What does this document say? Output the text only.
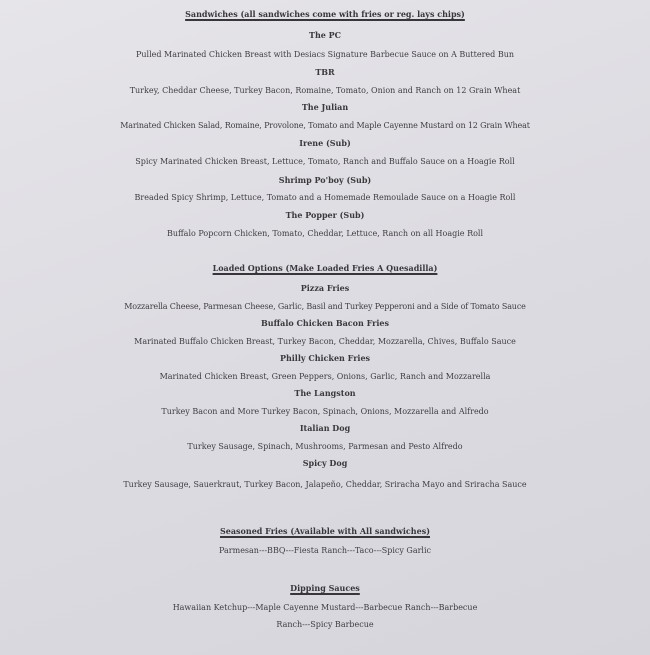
Sandwiches (all sandwiches come with fries or reg. lays chips)
The PC
Pulled Marinated Chicken Breast with Desiacs Signature Barbecue Sauce on A Buttered Bun
TBR
Turkey, Cheddar Cheese, Turkey Bacon, Romaine, Tomato, Onion and Ranch on 12 Grain Wheat
The Julian
Marinated Chicken Salad, Romaine, Provolone, Tomato and Maple Cayenne Mustard on 12 Grain Wheat
Irene (Sub)
Spicy Marinated Chicken Breast, Lettuce, Tomato, Ranch and Buffalo Sauce on a Hoagie Roll
Shrimp Po'boy (Sub)
Breaded Spicy Shrimp, Lettuce, Tomato and a Homemade Remoulade Sauce on a Hoagie Roll
The Popper (Sub)
Buffalo Popcorn Chicken, Tomato, Cheddar, Lettuce, Ranch on all Hoagie Roll
Loaded Options (Make Loaded Fries A Quesadilla)
Pizza Fries
Mozzarella Cheese, Parmesan Cheese, Garlic, Basil and Turkey Pepperoni and a Side of Tomato Sauce
Buffalo Chicken Bacon Fries
Marinated Buffalo Chicken Breast, Turkey Bacon, Cheddar, Mozzarella, Chives, Buffalo Sauce
Philly Chicken Fries
Marinated Chicken Breast, Green Peppers, Onions, Garlic, Ranch and Mozzarella
The Langston
Turkey Bacon and More Turkey Bacon, Spinach, Onions, Mozzarella and Alfredo
Italian Dog
Turkey Sausage, Spinach, Mushrooms, Parmesan and Pesto Alfredo
Spicy Dog
Turkey Sausage, Sauerkraut, Turkey Bacon, Jalapeño, Cheddar, Sriracha Mayo and Sriracha Sauce
Seasoned Fries (Available with All sandwiches)
Parmesan---BBQ---Fiesta Ranch---Taco---Spicy Garlic
Dipping Sauces
Hawaiian Ketchup---Maple Cayenne Mustard---Barbecue Ranch---Barbecue
Ranch---Spicy Barbecue
